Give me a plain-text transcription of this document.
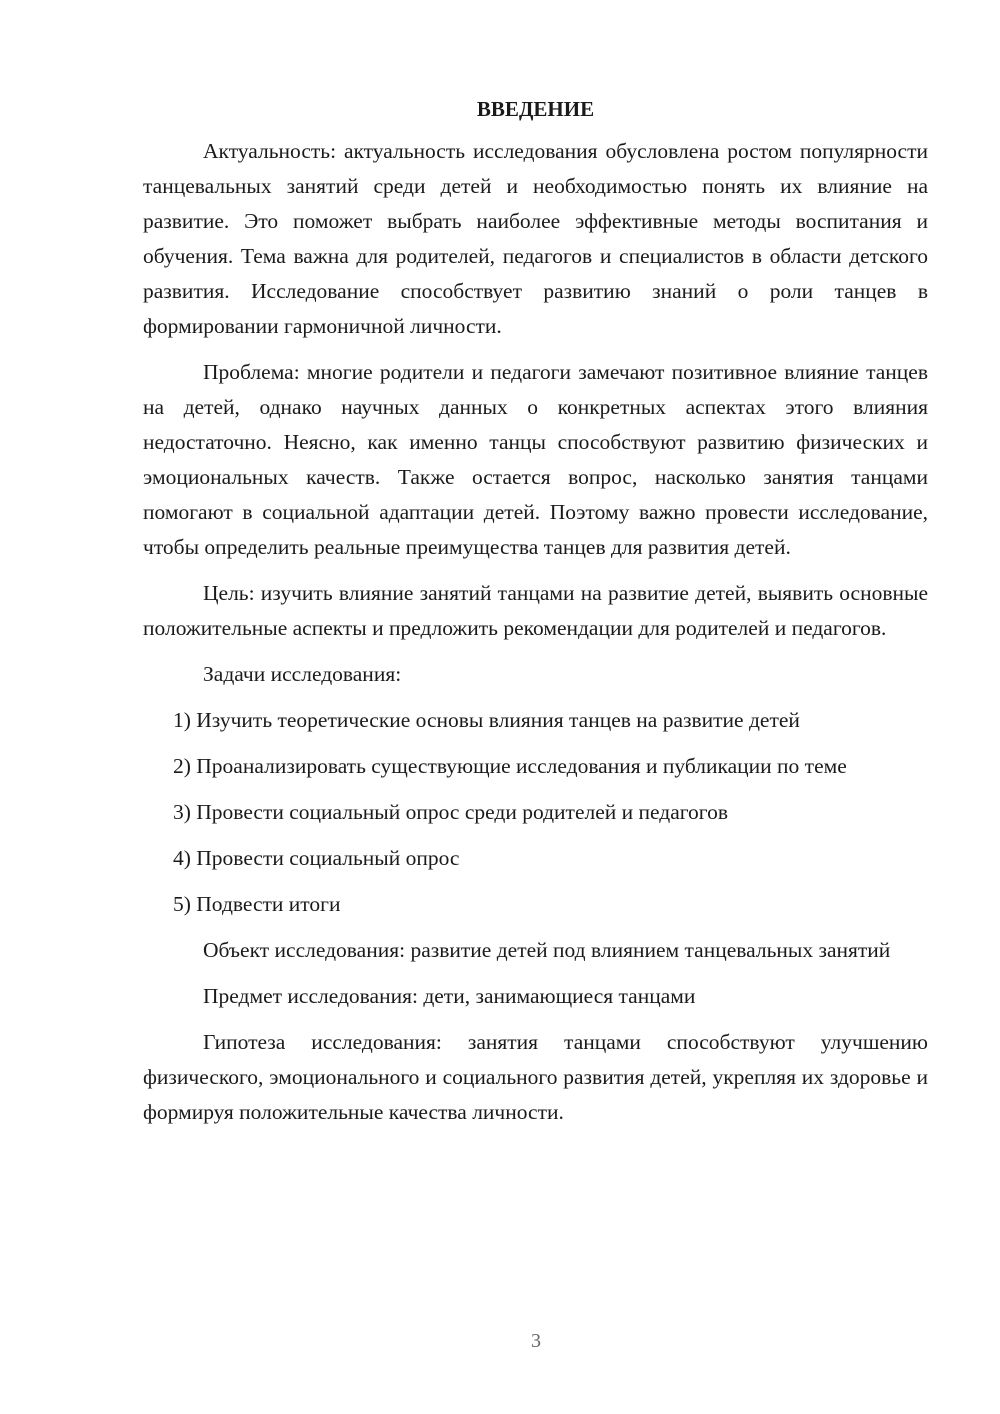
ВВЕДЕНИЕ

Актуальность: актуальность исследования обусловлена ростом популярности танцевальных занятий среди детей и необходимостью понять их влияние на развитие. Это поможет выбрать наиболее эффективные методы воспитания и обучения. Тема важна для родителей, педагогов и специалистов в области детского развития. Исследование способствует развитию знаний о роли танцев в формировании гармоничной личности.

Проблема: многие родители и педагоги замечают позитивное влияние танцев на детей, однако научных данных о конкретных аспектах этого влияния недостаточно. Неясно, как именно танцы способствуют развитию физических и эмоциональных качеств. Также остается вопрос, насколько занятия танцами помогают в социальной адаптации детей. Поэтому важно провести исследование, чтобы определить реальные преимущества танцев для развития детей.

Цель: изучить влияние занятий танцами на развитие детей, выявить основные положительные аспекты и предложить рекомендации для родителей и педагогов.

Задачи исследования:

1) Изучить теоретические основы влияния танцев на развитие детей

2) Проанализировать существующие исследования и публикации по теме

3) Провести социальный опрос среди родителей и педагогов

4) Провести социальный опрос

5) Подвести итоги

Объект исследования: развитие детей под влиянием танцевальных занятий

Предмет исследования: дети, занимающиеся танцами

Гипотеза исследования: занятия танцами способствуют улучшению физического, эмоционального и социального развития детей, укрепляя их здоровье и формируя положительные качества личности.

3
